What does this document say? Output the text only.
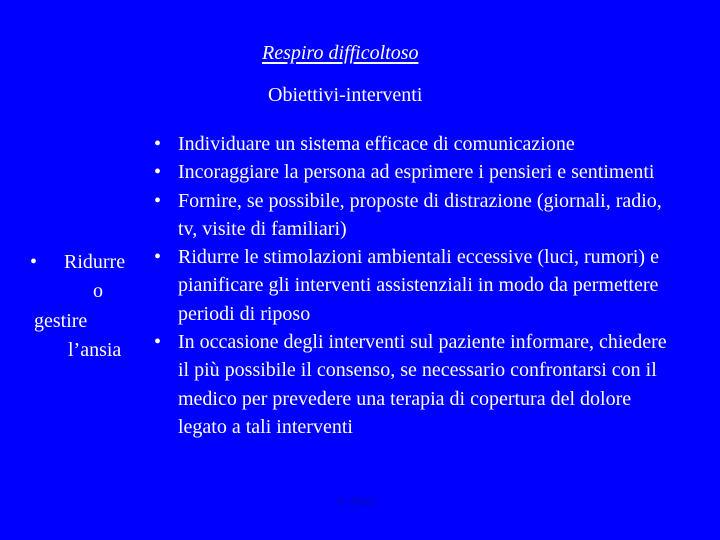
Respiro difficoltoso
Obiettivi-interventi
• Ridurre
o
gestire
l’ansia
• Individuare un sistema efficace di comunicazione
• Incoraggiare la persona ad esprimere i pensieri e sentimenti
• Fornire, se possibile, proposte di distrazione (giornali, radio, tv, visite di familiari)
• Ridurre le stimolazioni ambientali eccessive (luci, rumori) e pianificare gli interventi assistenziali in modo da permettere periodi di riposo
• In occasione degli interventi sul paziente informare, chiedere il più possibile il consenso, se necessario confrontarsi con il medico per prevedere una terapia di copertura del dolore legato a tali interventi
A. Biasi
